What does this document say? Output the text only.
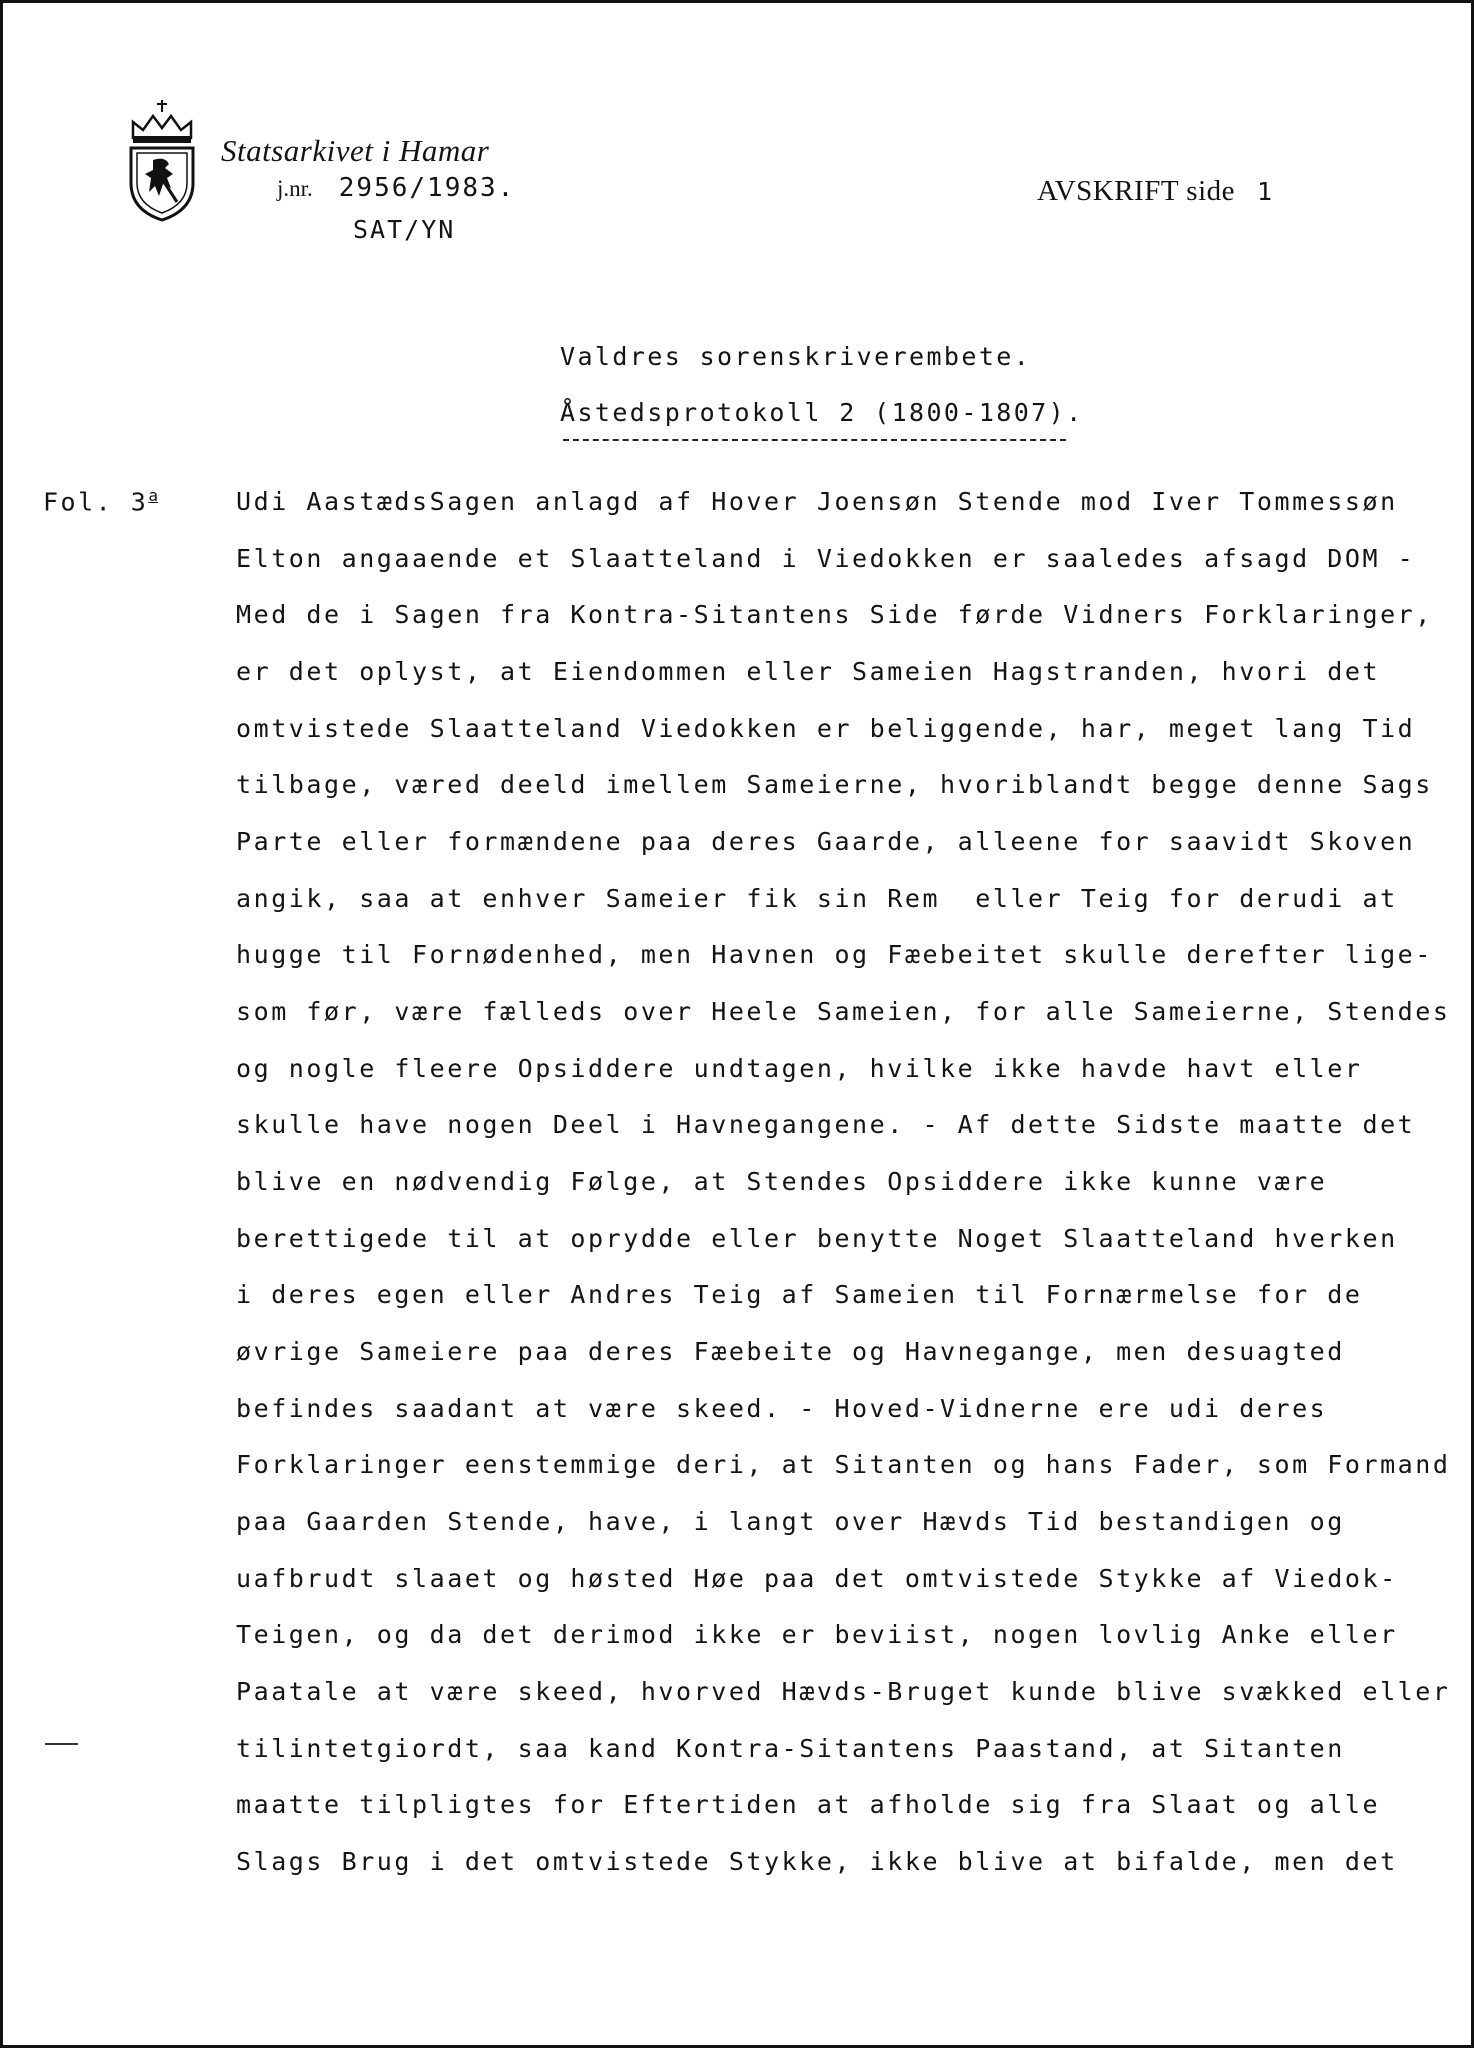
Statsarkivet i Hamar
j.nr. 2956/1983.
SAT/YN
AVSKRIFT side 1
Valdres sorenskriverembete.
Åstedsprotokoll 2 (1800-1807).
Fol. 3$^a$	Udi AastædsSagen anlagd af Hover Joensøn Stende mod Iver Tommessøn
Elton angaaende et Slaatteland i Viedokken er saaledes afsagd DOM -
Med de i Sagen fra Kontra-Sitantens Side førde Vidners Forklaringer,
er det oplyst, at Eiendommen eller Sameien Hagstranden, hvori det
omtvistede Slaatteland Viedokken er beliggende, har, meget lang Tid
tilbage, væred deeld imellem Sameierne, hvoriblandt begge denne Sags
Parte eller formændene paa deres Gaarde, alleene for saavidt Skoven
angik, saa at enhver Sameier fik sin Rem  eller Teig for derudi at
hugge til Fornødenhed, men Havnen og Fæebeitet skulle derefter lige-
som før, være fælleds over Heele Sameien, for alle Sameierne, Stendes
og nogle fleere Opsiddere undtagen, hvilke ikke havde havt eller
skulle have nogen Deel i Havnegangene. - Af dette Sidste maatte det
blive en nødvendig Følge, at Stendes Opsiddere ikke kunne være
berettigede til at oprydde eller benytte Noget Slaatteland hverken
i deres egen eller Andres Teig af Sameien til Fornærmelse for de
øvrige Sameiere paa deres Fæebeite og Havnegange, men desuagted
befindes saadant at være skeed. - Hoved-Vidnerne ere udi deres
Forklaringer eenstemmige deri, at Sitanten og hans Fader, som Formand
paa Gaarden Stende, have, i langt over Hævds Tid bestandigen og
uafbrudt slaaet og høsted Høe paa det omtvistede Stykke af Viedok-
Teigen, og da det derimod ikke er beviist, nogen lovlig Anke eller
Paatale at være skeed, hvorved Hævds-Bruget kunde blive svækked eller
tilintetgiordt, saa kand Kontra-Sitantens Paastand, at Sitanten
maatte tilpligtes for Eftertiden at afholde sig fra Slaat og alle
Slags Brug i det omtvistede Stykke, ikke blive at bifalde, men det
